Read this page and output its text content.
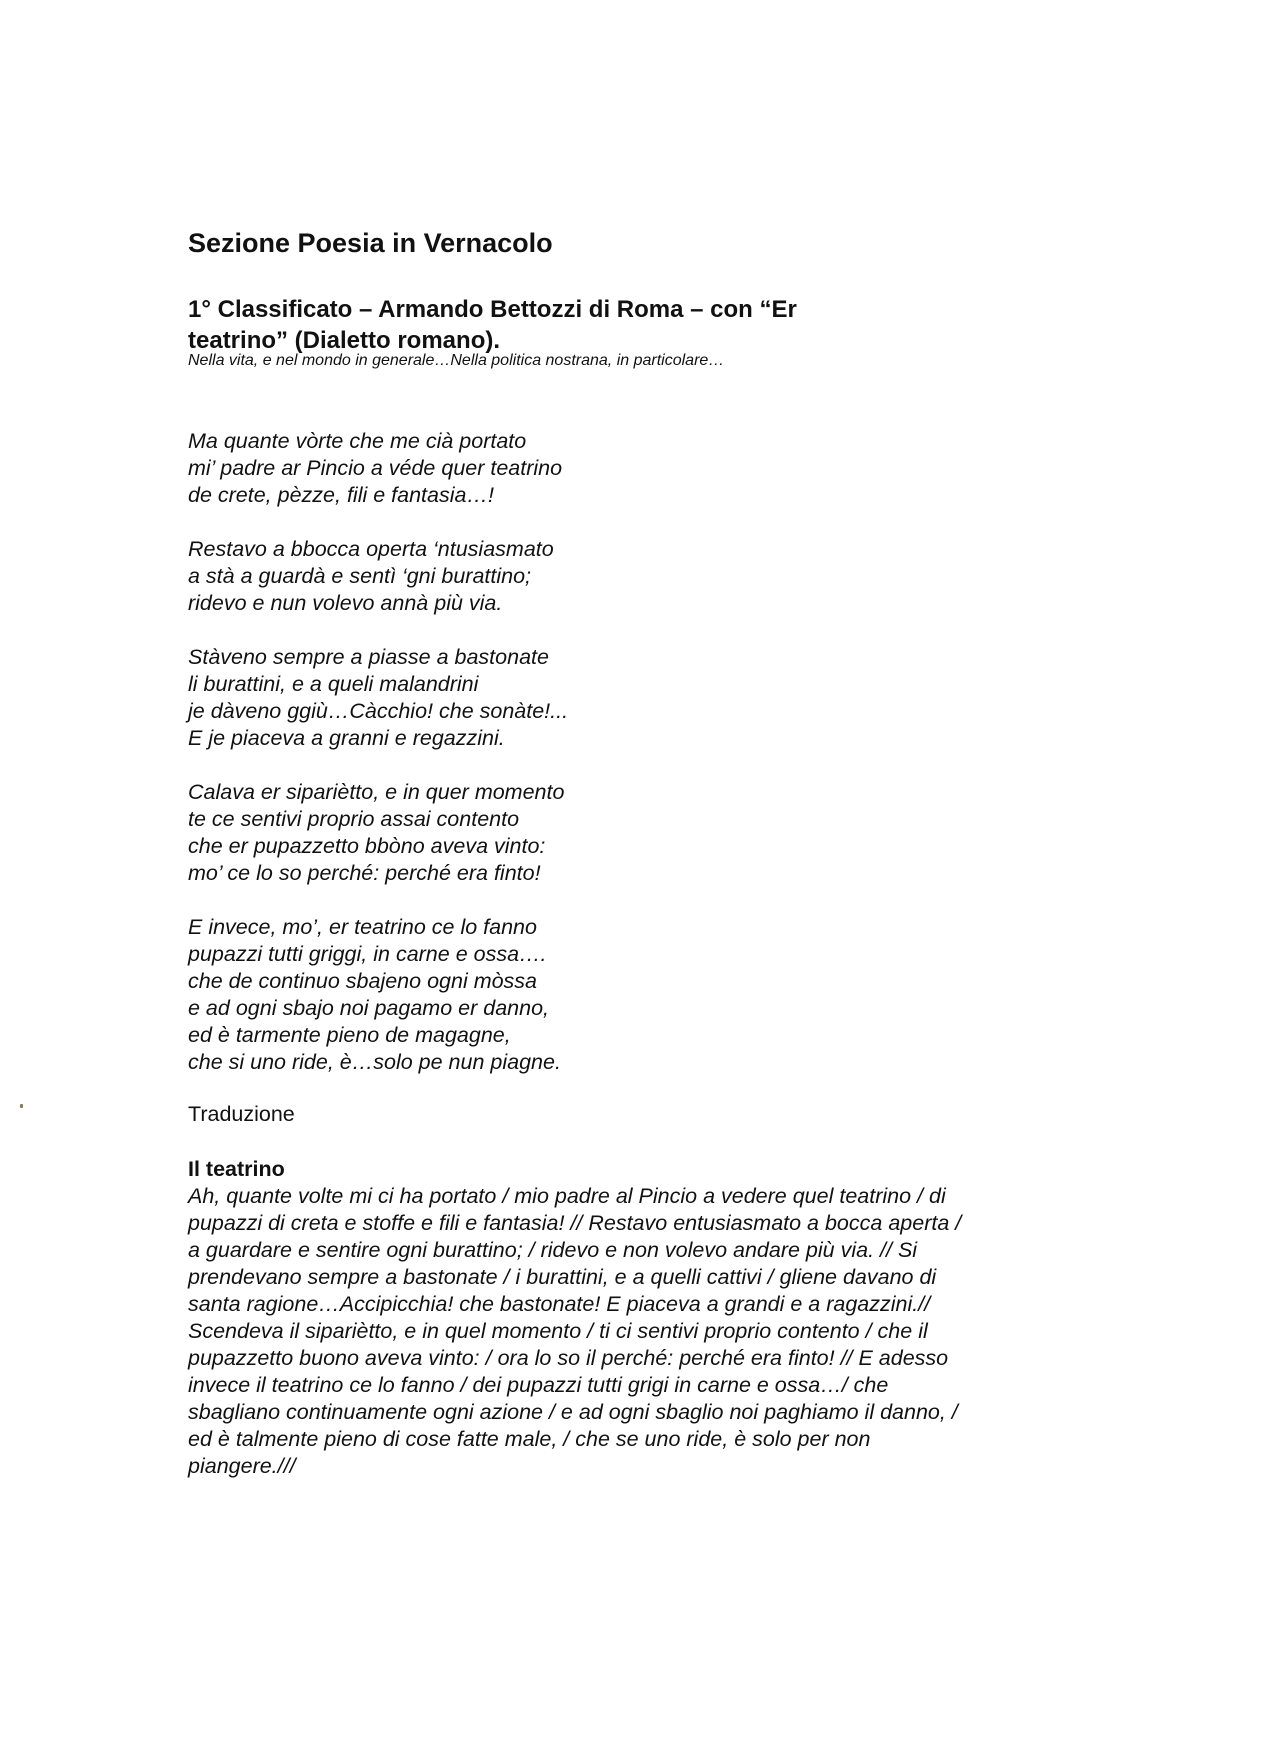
Sezione Poesia in Vernacolo
1° Classificato – Armando Bettozzi di Roma – con “Er
teatrino” (Dialetto romano).

Nella vita, e nel mondo in generale…Nella politica nostrana, in particolare…

Ma quante vòrte che me cià portato
mi’ padre ar Pincio a véde quer teatrino
de crete, pèzze, fili e fantasia…!
Restavo a bbocca operta ‘ntusiasmato
a stà a guardà e sentì ‘gni burattino;
ridevo e nun volevo annà più via.
Stàveno sempre a piasse a bastonate
li burattini, e a queli malandrini
je dàveno ggiù…Càcchio! che sonàte!...
E je piaceva a granni e regazzini.
Calava er sipariètto, e in quer momento
te ce sentivi proprio assai contento
che er pupazzetto bbòno aveva vinto:
mo’ ce lo so perché: perché era finto!
E invece, mo’, er teatrino ce lo fanno
pupazzi tutti griggi, in carne e ossa….
che de continuo sbajeno ogni mòssa
e ad ogni sbajo noi pagamo er danno,
ed è tarmente pieno de magagne,
che si uno ride, è…solo pe nun piagne.

Traduzione

Il teatrino

Ah, quante volte mi ci ha portato / mio padre al Pincio a vedere quel teatrino / di
pupazzi di creta e stoffe e fili e fantasia! // Restavo entusiasmato a bocca aperta /
a guardare e sentire ogni burattino; / ridevo e non volevo andare più via. // Si
prendevano sempre a bastonate / i burattini, e a quelli cattivi / gliene davano di
santa ragione…Accipicchia! che bastonate! E piaceva a grandi e a ragazzini.//
Scendeva il sipariètto, e in quel momento / ti ci sentivi proprio contento / che il
pupazzetto buono aveva vinto: / ora lo so il perché: perché era finto! // E adesso
invece il teatrino ce lo fanno / dei pupazzi tutti grigi in carne e ossa…/ che
sbagliano continuamente ogni azione / e ad ogni sbaglio noi paghiamo il danno, /
ed è talmente pieno di cose fatte male, / che se uno ride, è solo per non
piangere.///
